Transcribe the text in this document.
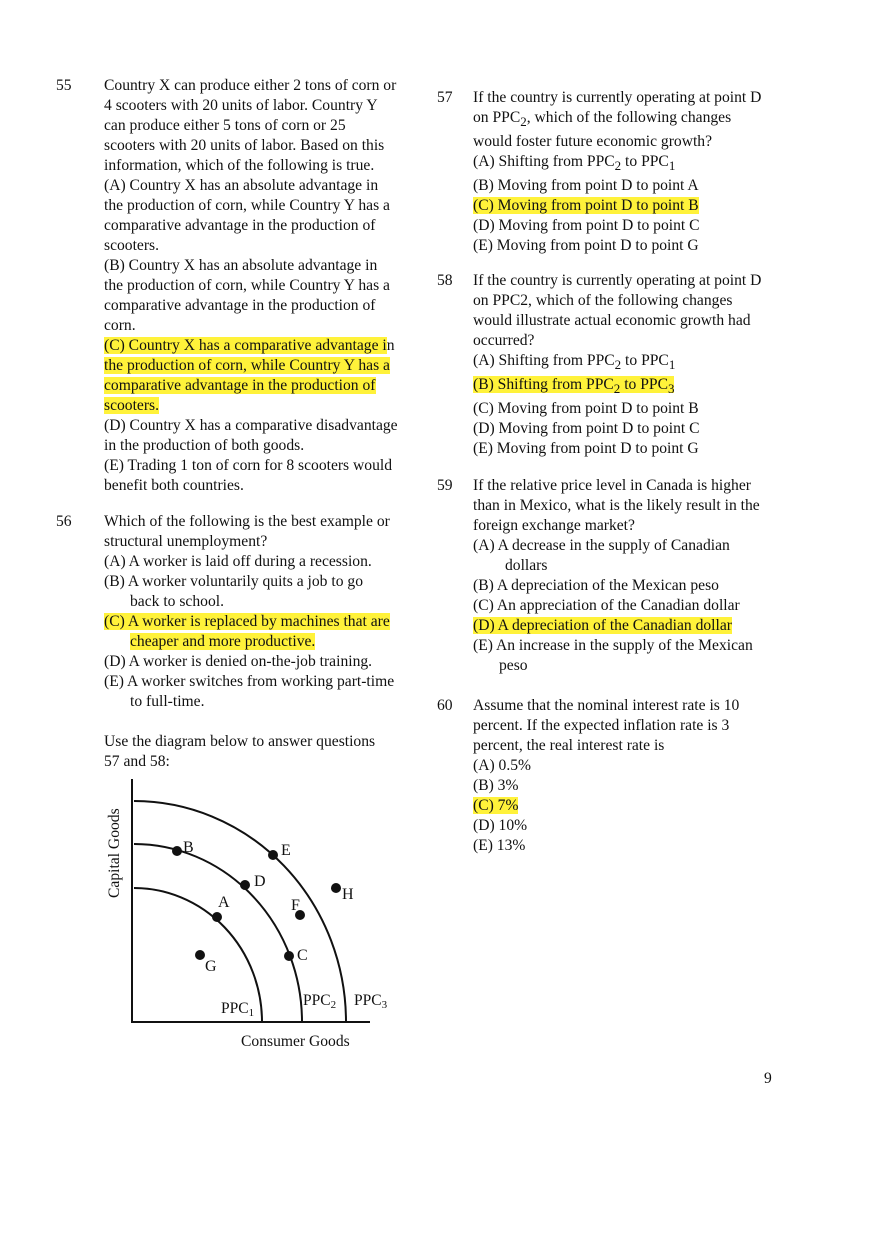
55 Country X can produce either 2 tons of corn or
4 scooters with 20 units of labor. Country Y
can produce either 5 tons of corn or 25
scooters with 20 units of labor. Based on this
information, which of the following is true.
(A) Country X has an absolute advantage in
the production of corn, while Country Y has a
comparative advantage in the production of
scooters.
(B) Country X has an absolute advantage in
the production of corn, while Country Y has a
comparative advantage in the production of
corn.
(C) Country X has a comparative advantage in
the production of corn, while Country Y has a
comparative advantage in the production of
scooters.
(D) Country X has a comparative disadvantage
in the production of both goods.
(E) Trading 1 ton of corn for 8 scooters would
benefit both countries.
56 Which of the following is the best example or
structural unemployment?
(A) A worker is laid off during a recession.
(B) A worker voluntarily quits a job to go
back to school.
(C) A worker is replaced by machines that are
cheaper and more productive.
(D) A worker is denied on-the-job training.
(E) A worker switches from working part-time
to full-time.
Use the diagram below to answer questions
57 and 58:
B	E
D
H
A	F
G
C
PPC1
PPC2 PPC3
Consumer Goods
Capital Goods
57 If the country is currently operating at point D
on $PPC_2$, which of the following changes
would foster future economic growth?
(A) Shifting from $PPC_2$ to $PPC_1$
(B) Moving from point D to point A
(C) Moving from point D to point B
(D) Moving from point D to point C
(E) Moving from point D to point G
58 If the country is currently operating at point D
on PPC2, which of the following changes
would illustrate actual economic growth had
occurred?
(A) Shifting from $PPC_2$ to $PPC_1$
(B) Shifting from $PPC_2$ to $PPC_3$
(C) Moving from point D to point B
(D) Moving from point D to point C
(E) Moving from point D to point G
59 If the relative price level in Canada is higher
than in Mexico, what is the likely result in the
foreign exchange market?
(A) A decrease in the supply of Canadian
dollars
(B) A depreciation of the Mexican peso
(C) An appreciation of the Canadian dollar
(D) A depreciation of the Canadian dollar
(E) An increase in the supply of the Mexican
peso
60 Assume that the nominal interest rate is 10
percent. If the expected inflation rate is 3
percent, the real interest rate is
(A) 0.5%
(B) 3%
(C) 7%
(D) 10%
(E) 13%
9
